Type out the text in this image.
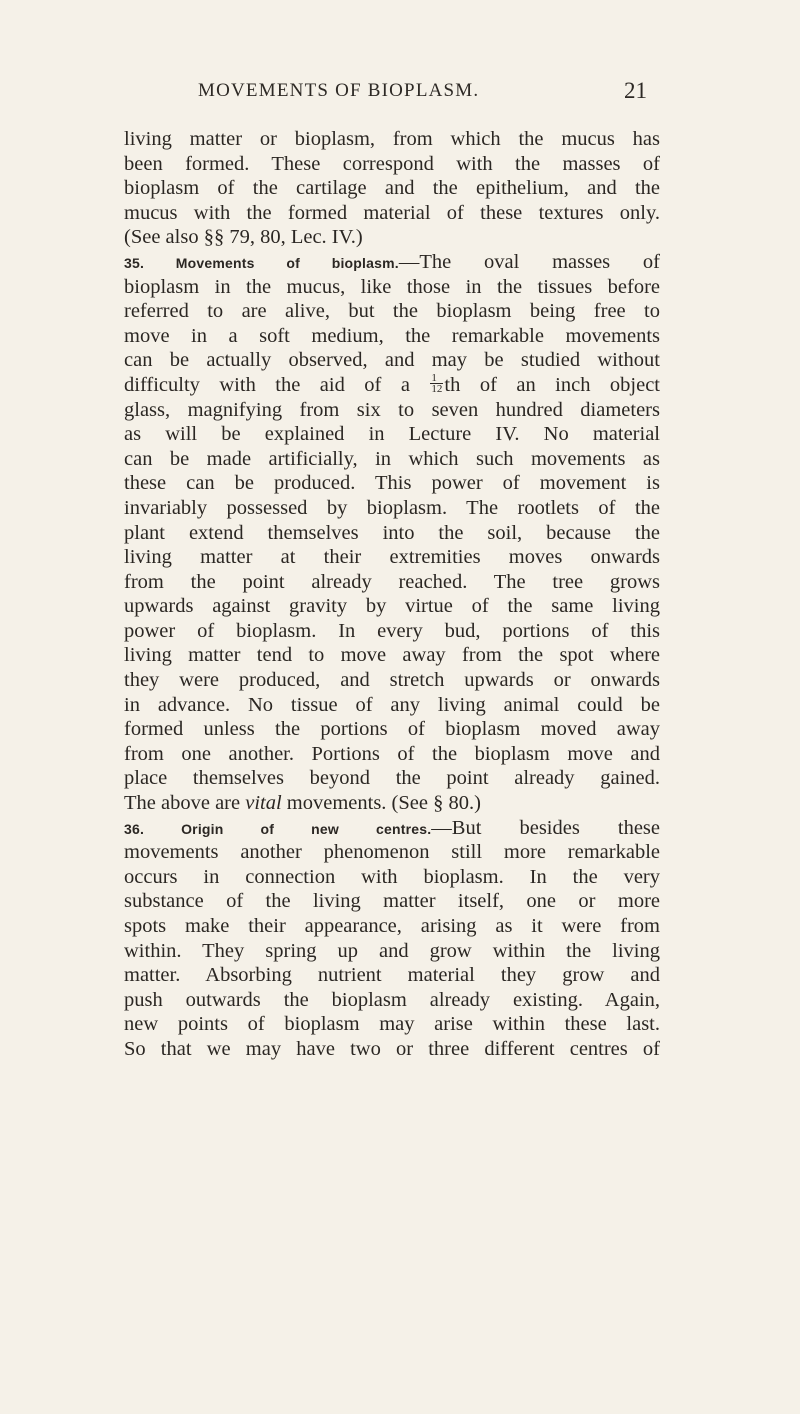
MOVEMENTS OF BIOPLASM.	21
living matter or bioplasm, from which the mucus has
been formed. These correspond with the masses of
bioplasm of the cartilage and the epithelium, and the
mucus with the formed material of these textures only.
(See also §§ 79, 80, Lec. IV.)
35. Movements of bioplasm.—The oval masses of
bioplasm in the mucus, like those in the tissues before
referred to are alive, but the bioplasm being free to
move in a soft medium, the remarkable movements
can be actually observed, and may be studied without
difficulty with the aid of a $\frac{1}{12}$ th of an inch object
glass, magnifying from six to seven hundred diameters
as will be explained in Lecture IV. No material
can be made artificially, in which such movements as
these can be produced. This power of movement is
invariably possessed by bioplasm. The rootlets of the
plant extend themselves into the soil, because the
living matter at their extremities moves onwards
from the point already reached. The tree grows
upwards against gravity by virtue of the same living
power of bioplasm. In every bud, portions of this
living matter tend to move away from the spot where
they were produced, and stretch upwards or onwards
in advance. No tissue of any living animal could be
formed unless the portions of bioplasm moved away
from one another. Portions of the bioplasm move and
place themselves beyond the point already gained.
The above are vital movements. (See § 80.)
36. Origin of new centres.—But besides these
movements another phenomenon still more remarkable
occurs in connection with bioplasm. In the very
substance of the living matter itself, one or more
spots make their appearance, arising as it were from
within. They spring up and grow within the living
matter. Absorbing nutrient material they grow and
push outwards the bioplasm already existing. Again,
new points of bioplasm may arise within these last.
So that we may have two or three different centres of
